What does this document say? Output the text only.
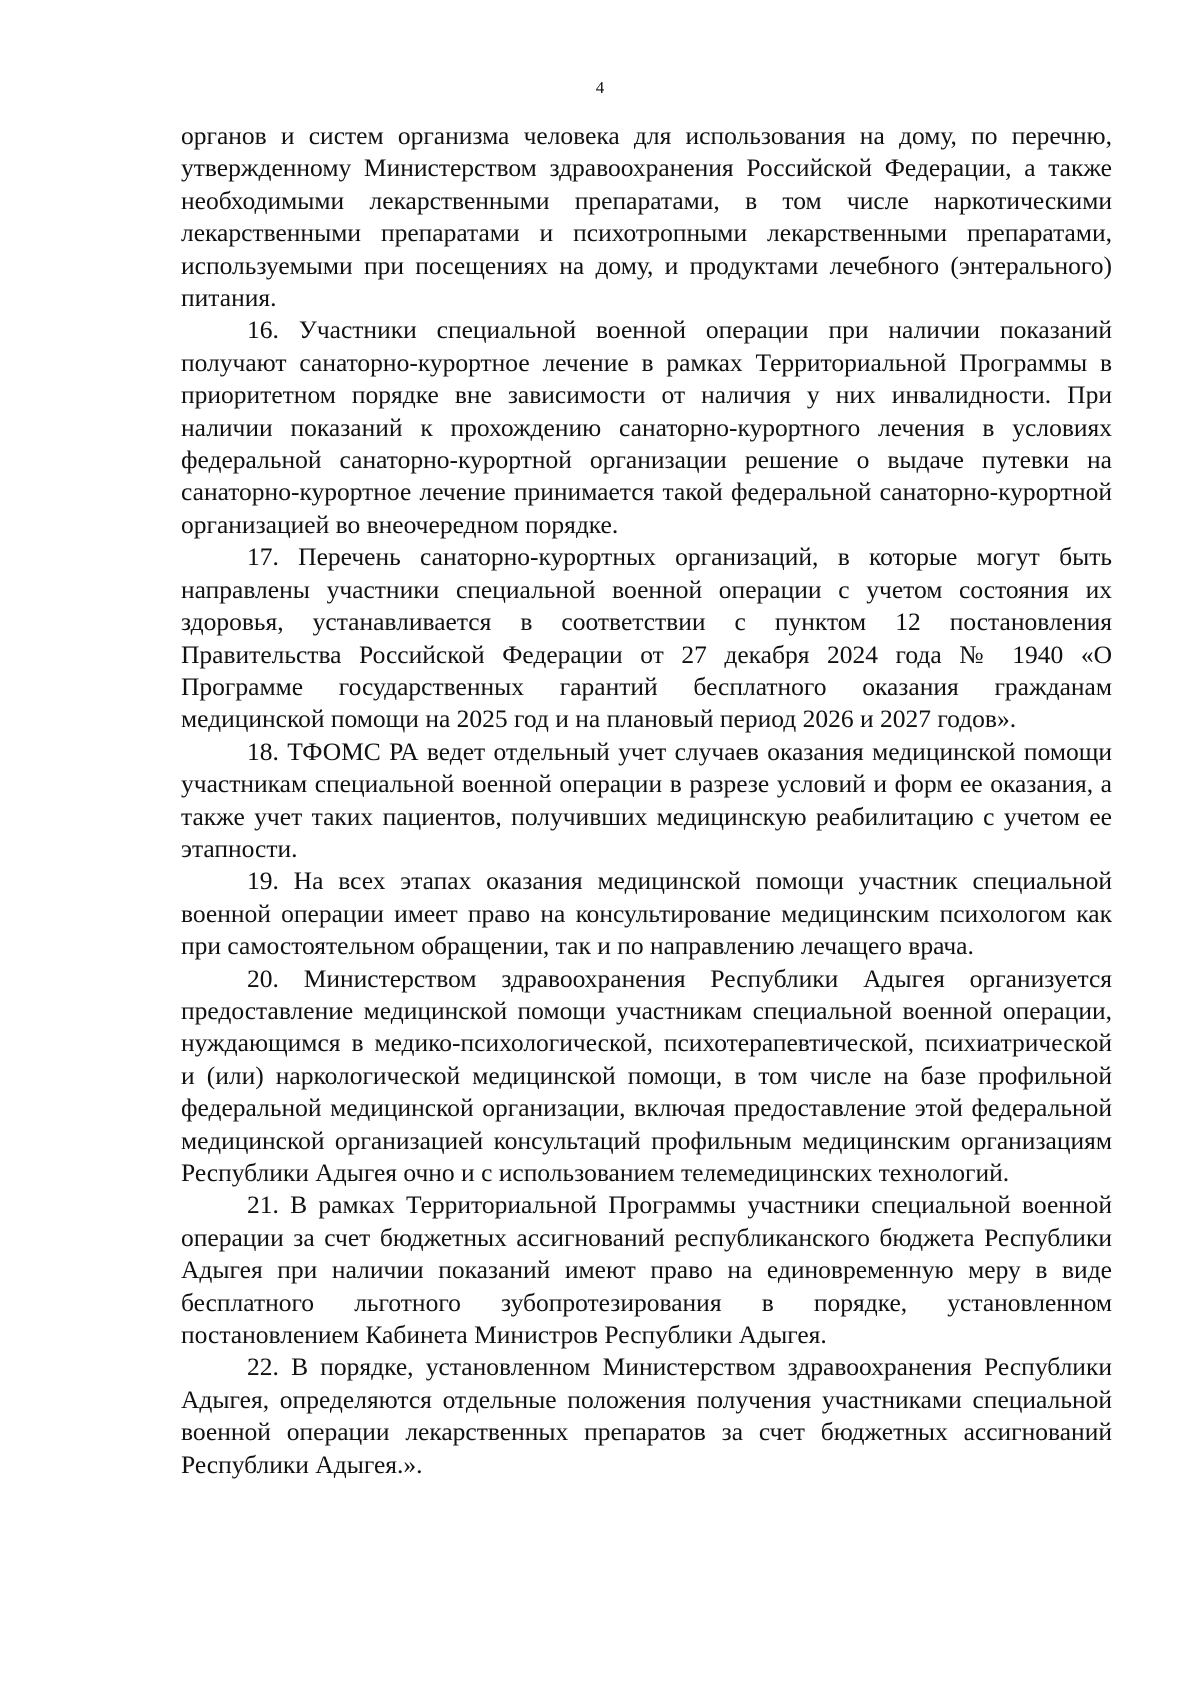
4

органов и систем организма человека для использования на дому, по перечню, утвержденному Министерством здравоохранения Российской Федерации, а также необходимыми лекарственными препаратами, в том числе наркотическими лекарственными препаратами и психотропными лекарственными препаратами, используемыми при посещениях на дому, и продуктами лечебного (энтерального) питания.

16. Участники специальной военной операции при наличии показаний получают санаторно-курортное лечение в рамках Территориальной Программы в приоритетном порядке вне зависимости от наличия у них инвалидности. При наличии показаний к прохождению санаторно-курортного лечения в условиях федеральной санаторно-курортной организации решение о выдаче путевки на санаторно-курортное лечение принимается такой федеральной санаторно-курортной организацией во внеочередном порядке.

17. Перечень санаторно-курортных организаций, в которые могут быть направлены участники специальной военной операции с учетом состояния их здоровья, устанавливается в соответствии с пунктом 12 постановления Правительства Российской Федерации от 27 декабря 2024 года № 1940 «О Программе государственных гарантий бесплатного оказания гражданам медицинской помощи на 2025 год и на плановый период 2026 и 2027 годов».

18. ТФОМС РА ведет отдельный учет случаев оказания медицинской помощи участникам специальной военной операции в разрезе условий и форм ее оказания, а также учет таких пациентов, получивших медицинскую реабилитацию с учетом ее этапности.

19. На всех этапах оказания медицинской помощи участник специальной военной операции имеет право на консультирование медицинским психологом как при самостоятельном обращении, так и по направлению лечащего врача.

20. Министерством здравоохранения Республики Адыгея организуется предоставление медицинской помощи участникам специальной военной операции, нуждающимся в медико-психологической, психотерапевтической, психиатрической и (или) наркологической медицинской помощи, в том числе на базе профильной федеральной медицинской организации, включая предоставление этой федеральной медицинской организацией консультаций профильным медицинским организациям Республики Адыгея очно и с использованием телемедицинских технологий.

21. В рамках Территориальной Программы участники специальной военной операции за счет бюджетных ассигнований республиканского бюджета Республики Адыгея при наличии показаний имеют право на единовременную меру в виде бесплатного льготного зубопротезирования в порядке, установленном постановлением Кабинета Министров Республики Адыгея.

22. В порядке, установленном Министерством здравоохранения Республики Адыгея, определяются отдельные положения получения участниками специальной военной операции лекарственных препаратов за счет бюджетных ассигнований Республики Адыгея.».
